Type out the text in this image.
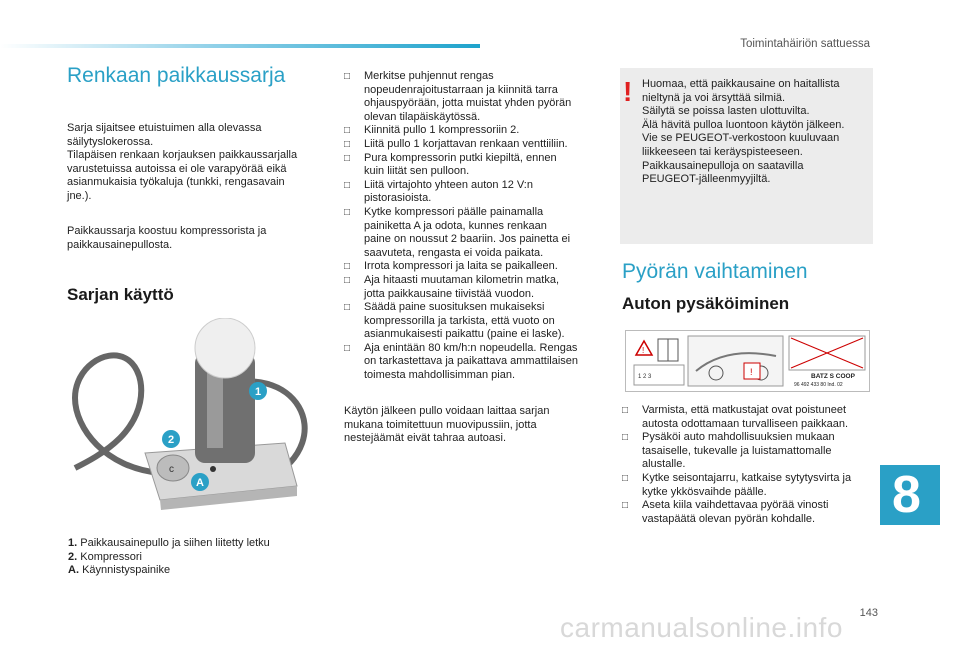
Toimintahäiriön sattuessa
Renkaan paikkaussarja
Sarja sijaitsee etuistuimen alla olevassa
säilytyslokerossa.
Tilapäisen renkaan korjauksen paikkaussarjalla
varustetuissa autoissa ei ole varapyörää eikä
asianmukaisia työkaluja (tunkki, rengasavain
jne.).
Paikkaussarja koostuu kompressorista ja
paikkausainepullosta.
Sarjan käyttö
c
1
2
A
1. Paikkausainepullo ja siihen liitetty letku
2. Kompressori
A. Käynnistyspainike
□ Merkitse puhjennut rengas
nopeudenrajoitustarraan ja kiinnitä tarra
ohjauspyörään, jotta muistat yhden pyörän
olevan tilapäiskäytössä.
□ Kiinnitä pullo 1 kompressoriin 2.
□ Liitä pullo 1 korjattavan renkaan venttiiliin.
□ Pura kompressorin putki kiepiltä, ennen
kuin liität sen pulloon.
□ Liitä virtajohto yhteen auton 12 V:n
pistorasioista.
□ Kytke kompressori päälle painamalla
painiketta A ja odota, kunnes renkaan
paine on noussut 2 baariin. Jos painetta ei
saavuteta, rengasta ei voida paikata.
□ Irrota kompressori ja laita se paikalleen.
□ Aja hitaasti muutaman kilometrin matka,
jotta paikkausaine tiivistää vuodon.
□ Säädä paine suosituksen mukaiseksi
kompressorilla ja tarkista, että vuoto on
asianmukaisesti paikattu (paine ei laske).
□ Aja enintään 80 km/h:n nopeudella. Rengas
on tarkastettava ja paikattava ammattilaisen
toimesta mahdollisimman pian.
Käytön jälkeen pullo voidaan laittaa sarjan
mukana toimitettuun muovipussiin, jotta
nestejäämät eivät tahraa autoasi.
! Huomaa, että paikkausaine on haitallista
nieltynä ja voi ärsyttää silmiä.
Säilytä se poissa lasten ulottuvilta.
Älä hävitä pulloa luontoon käytön jälkeen.
Vie se PEUGEOT-verkostoon kuuluvaan
liikkeeseen tai keräyspisteeseen.
Paikkausainepulloja on saatavilla
PEUGEOT-jälleenmyyjiltä.
Pyörän vaihtaminen
Auton pysäköiminen
!
1 2 3	!	BATZ S COOP
96 492 433 80 Ind. 02
□ Varmista, että matkustajat ovat poistuneet
autosta odottamaan turvalliseen paikkaan.
□ Pysäköi auto mahdollisuuksien mukaan
tasaiselle, tukevalle ja luistamattomalle
alustalle.
□ Kytke seisontajarru, katkaise sytytysvirta ja
kytke ykkösvaihde päälle.
□ Aseta kiila vaihdettavaa pyörää vinosti
vastapäätä olevan pyörän kohdalle.	8
143
carmanualsonline.info
